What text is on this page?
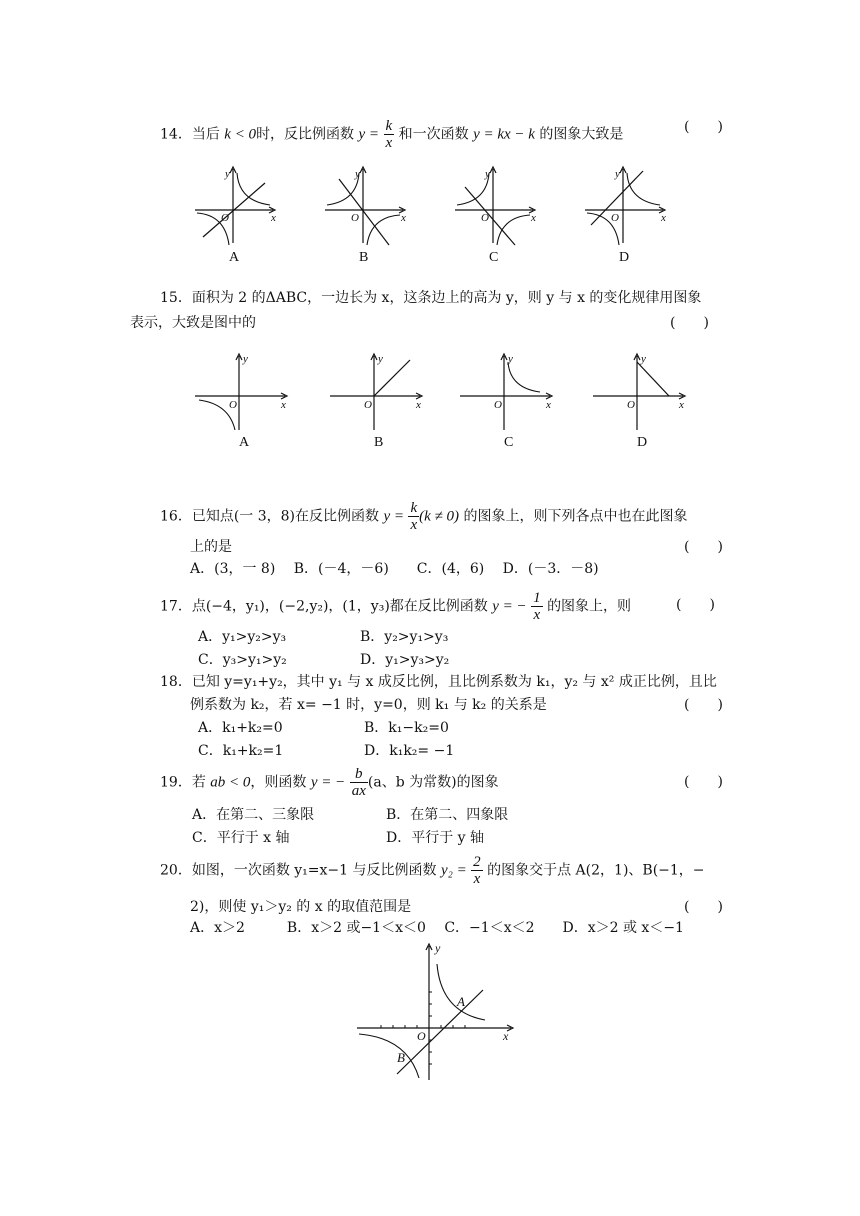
14．当后 k < 0时，反比例函数 $y = \frac{k}{x}$ 和一次函数 y = kx − k 的图象大致是	(　　)
y
O	x
A
y
O	x
B
y
O	x
C
y
O	x
D
15．面积为 2 的ΔABC，一边长为 x，这条边上的高为 y，则 y 与 x 的变化规律用图象
表示，大致是图中的	(　　)
y
O	x
A
y
O	x
B
y
O	x
C
y
O	x
D
16．已知点(一 3，8)在反比例函数 $y = \frac{k}{x} (k \ne 0)$ 的图象上，则下列各点中也在此图象
上的是	(　　)
A．(3，一 8)　 B．(－4，－6)　　C．(4，6)　 D．(－3．－8)
17．点(−4，y₁)，(−2,y₂)，(1，y₃)都在反比例函数 y = − $\frac{1}{x}$ 的图象上，则	(　　)
A．y₁>y₂>y₃	B．y₂>y₁>y₃
C．y₃>y₁>y₂	D．y₁>y₃>y₂
18．已知 y=y₁+y₂，其中 y₁ 与 x 成反比例，且比例系数为 k₁，y₂ 与 x² 成正比例，且比
例系数为 k₂，若 x= −1 时，y=0，则 k₁ 与 k₂ 的关系是	(　　)
A．k₁+k₂=0	B．k₁−k₂=0
C．k₁+k₂=1	D．k₁k₂= −1
19．若 ab < 0，则函数 y = − $\frac{b}{ax} (a$、b 为常数)的图象	(　　)
A．在第二、三象限	B．在第二、四象限
C．平行于 x 轴	D．平行于 y 轴
20．如图，一次函数 y₁=x−1 与反比例函数 $y_2 = \frac{2}{x}$ 的图象交于点 A(2，1)、B(−1，−
2)，则使 y₁＞y₂ 的 x 的取值范围是	(　　)
A．x＞2　　　B．x＞2 或−1＜x＜0　 C．−1＜x＜2　　D．x＞2 或 x＜−1
y
O	x
A
B
